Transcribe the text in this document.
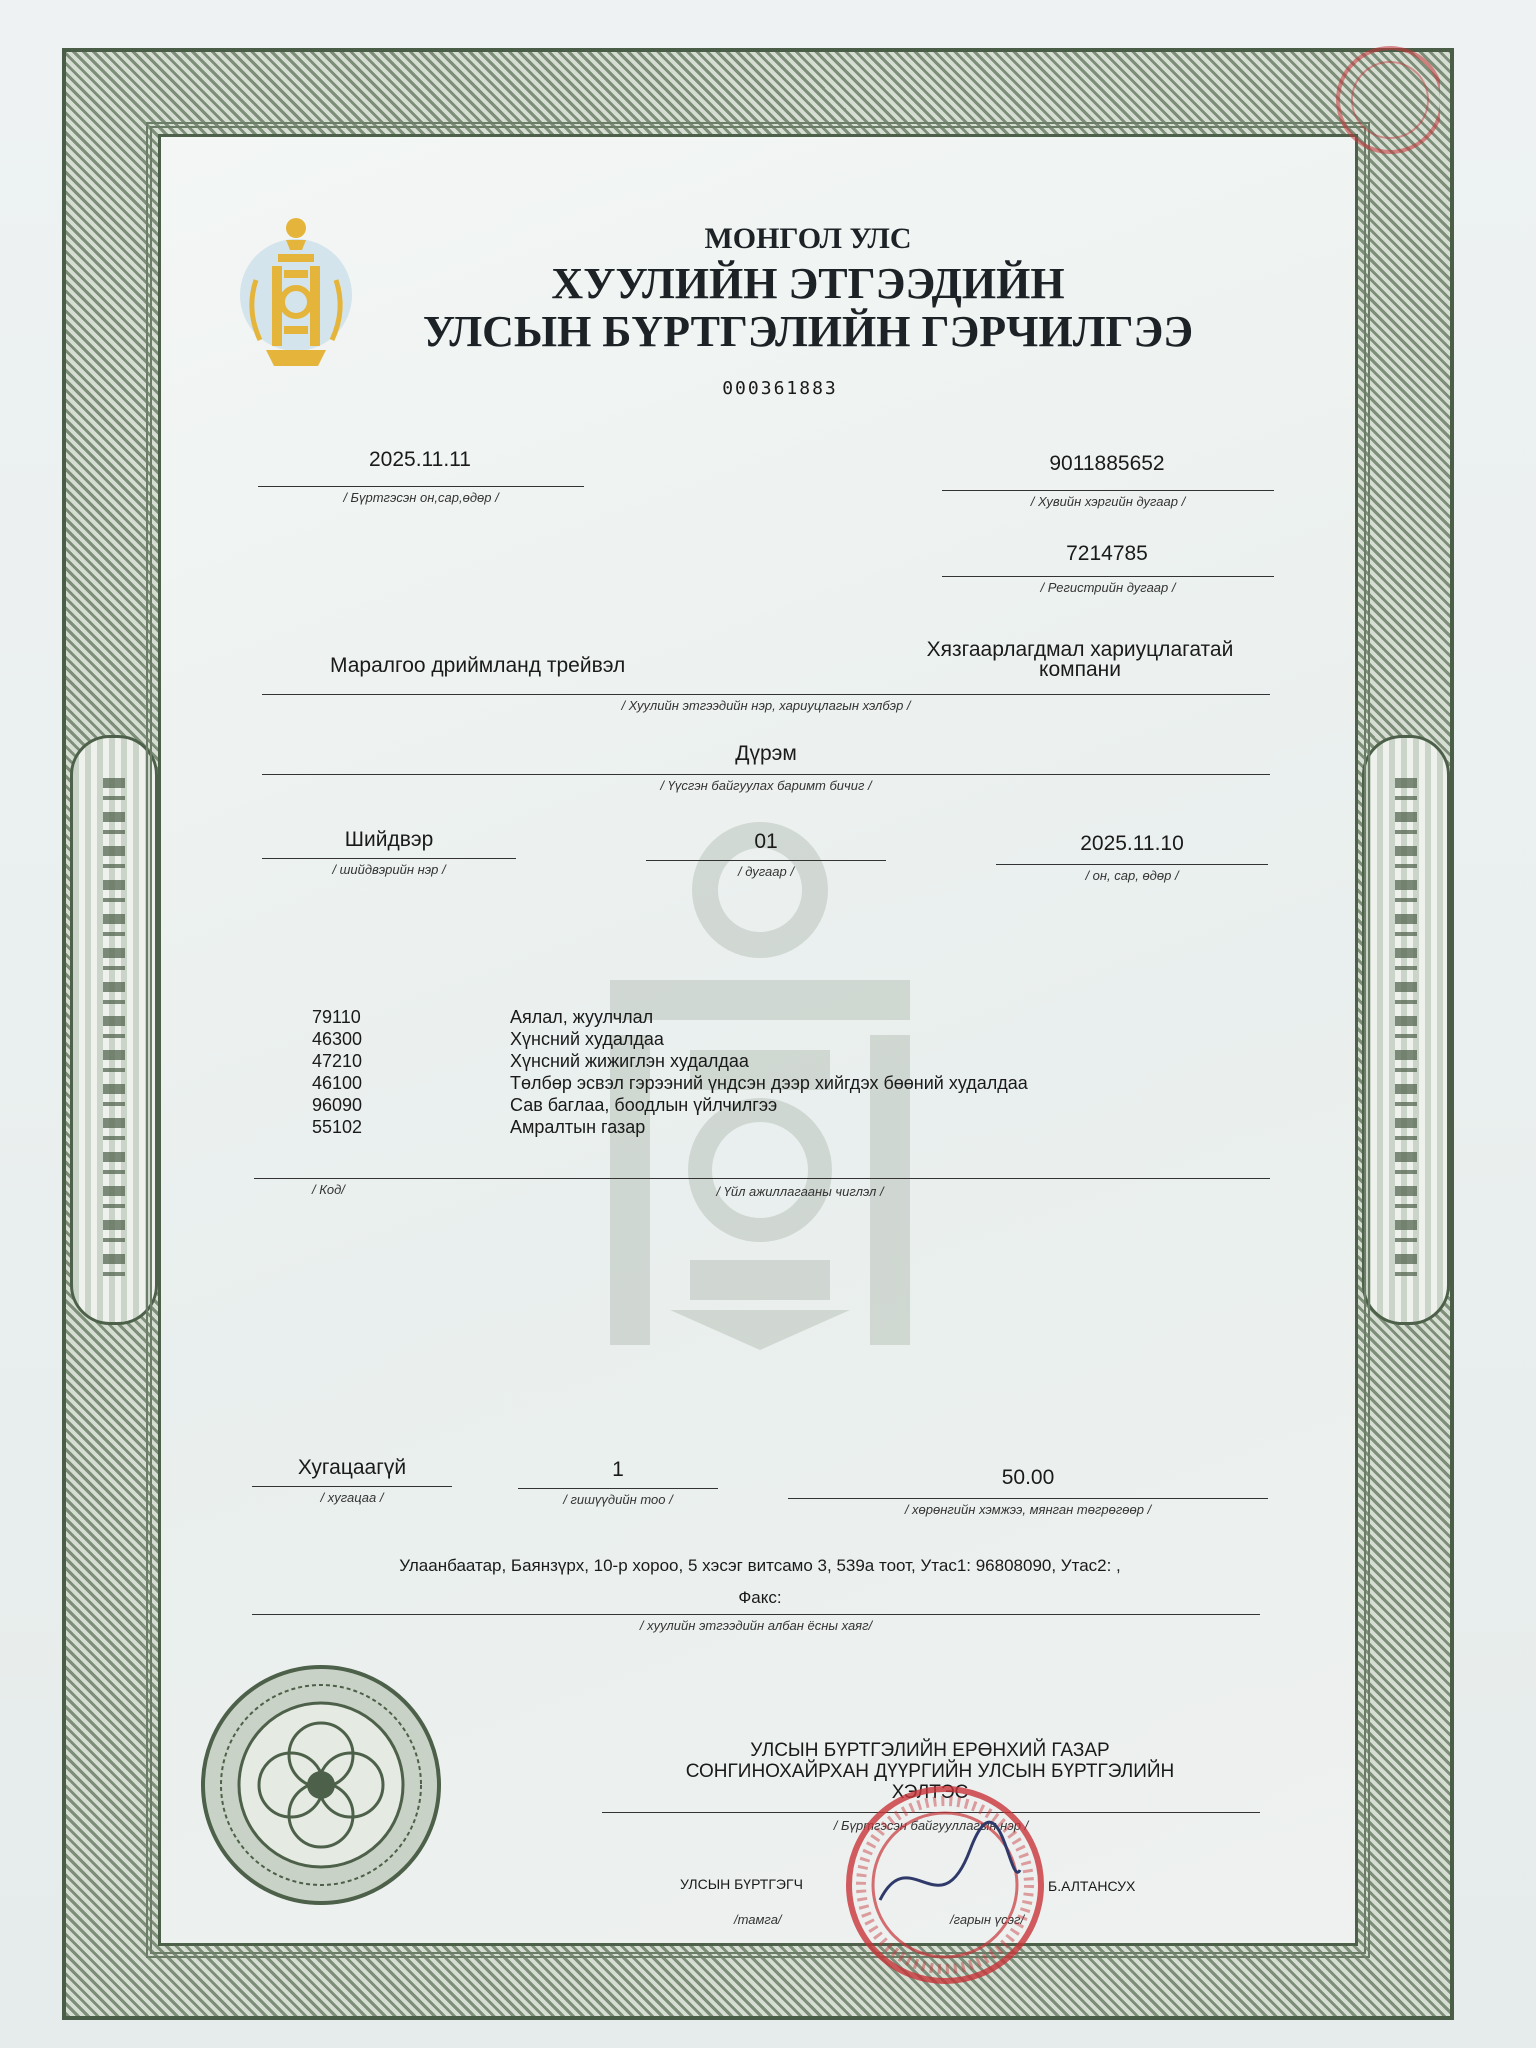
МОНГОЛ УЛС
ХУУЛИЙН ЭТГЭЭДИЙН
УЛСЫН БҮРТГЭЛИЙН ГЭРЧИЛГЭЭ
000361883
2025.11.11
/ Бүртгэсэн он,сар,өдөр /
9011885652
/ Хувийн хэргийн дугаар /
7214785
/ Регистрийн дугаар /
Маралгоо дриймланд трейвэл
Хязгаарлагдмал хариуцлагатай
компани
/ Хуулийн этгээдийн нэр, хариуцлагын хэлбэр /
Дүрэм
/ Үүсгэн байгуулах баримт бичиг /
Шийдвэр
/ шийдвэрийн нэр /
01
/ дугаар /
2025.11.10
/ он, сар, өдөр /
79110	Аялал, жуулчлал
46300	Хүнсний худалдаа
47210	Хүнсний жижиглэн худалдаа
46100	Төлбөр эсвэл гэрээний үндсэн дээр хийгдэх бөөний худалдаа
96090	Сав баглаа, боодлын үйлчилгээ
55102	Амралтын газар
/ Код/	/ Үйл ажиллагааны чиглэл /
Хугацаагүй
/ хугацаа /
1
/ гишүүдийн тоо /
50.00
/ хөрөнгийн хэмжээ, мянган төгрөгөөр /
Улаанбаатар, Баянзүрх, 10-р хороо, 5 хэсэг витсамо 3, 539а тоот, Утас1: 96808090, Утас2: ,
Факс:
/ хуулийн этгээдийн албан ёсны хаяг/
УЛСЫН БҮРТГЭЛИЙН ЕРӨНХИЙ ГАЗАР
СОНГИНОХАЙРХАН ДҮҮРГИЙН УЛСЫН БҮРТГЭЛИЙН
ХЭЛТЭС
/ Бүртгэсэн байгууллагын нэр /
УЛСЫН БҮРТГЭГЧ
/тамга/
Б.АЛТАНСУХ
/гарын үсэг/
